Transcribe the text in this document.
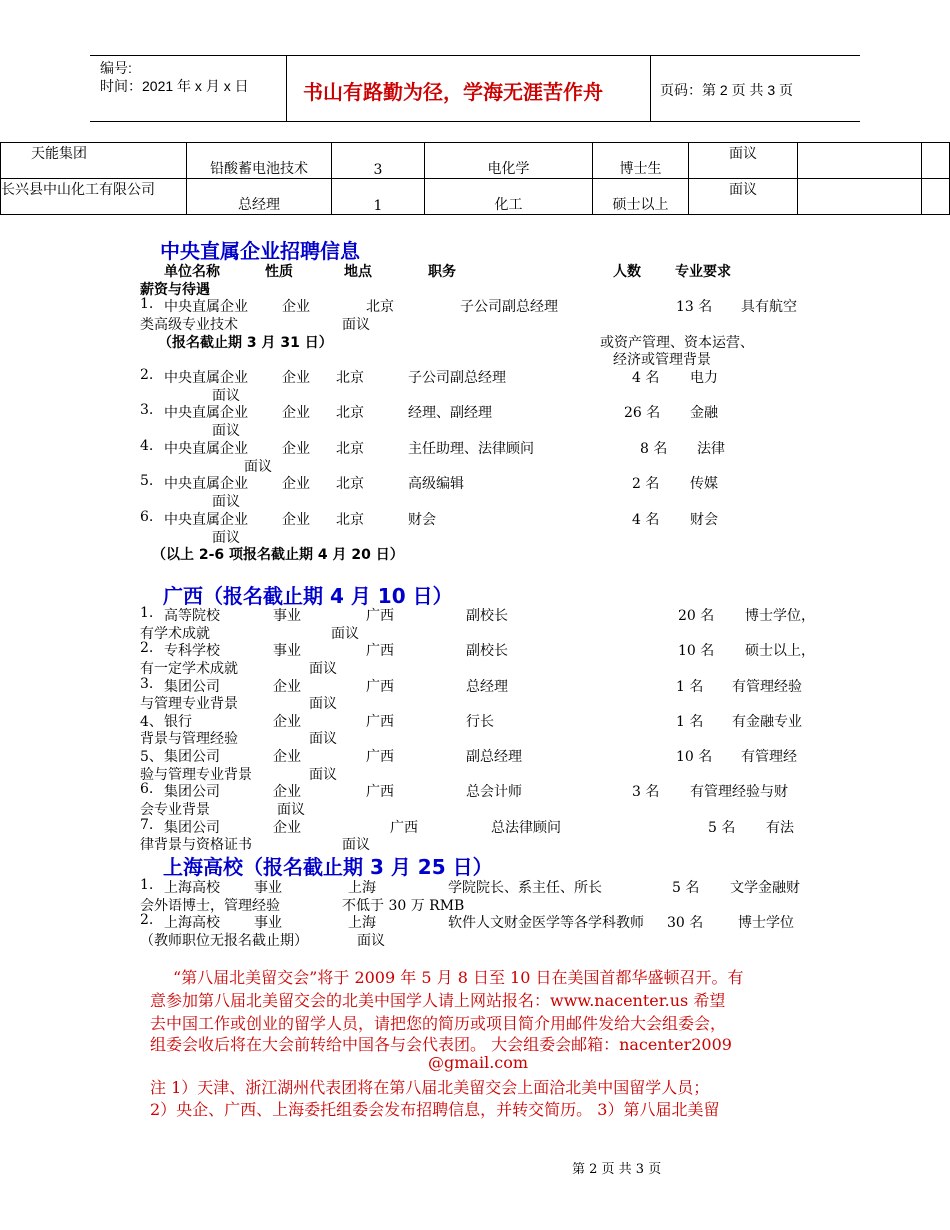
编号:
时间：2021 年 x 月 x 日	书山有路勤为径，学海无涯苦作舟	页码：第 2 页 共 3 页
天能集团	铅酸蓄电池技术	3	电化学	博士生	面议		
长兴县中山化工有限公司	总经理	1	化工	硕士以上	面议		
中央直属企业招聘信息
单位名称	性质	地点	职务	人数 专业要求
薪资与待遇
1. 中央直属企业 企业	北京	子公司副总经理	13 名 具有航空
类高级专业技术	面议
（报名截止期 3 月 31 日）	或资产管理、资本运营、
经济或管理背景
2. 中央直属企业 企业 北京	子公司副总经理	4 名 电力
面议
3. 中央直属企业 企业 北京	经理、副经理	26 名 金融
面议
4. 中央直属企业 企业 北京	主任助理、法律顾问	8 名 法律
面议
5. 中央直属企业 企业 北京	高级编辑	2 名 传媒
面议
6. 中央直属企业 企业 北京	财会	4 名 财会
面议
（以上 2-6 项报名截止期 4 月 20 日）
广西（报名截止期 4 月 10 日）
1. 高等院校	事业	广西	副校长	20 名 博士学位，
有学术成就	面议
2. 专科学校	事业	广西	副校长	10 名 硕士以上，
有一定学术成就	面议
3. 集团公司	企业	广西	总经理	1 名 有管理经验
与管理专业背景	面议
4、 银行	企业	广西	行长	1 名 有金融专业
背景与管理经验	面议
5、 集团公司	企业	广西	副总经理	10 名 有管理经
验与管理专业背景	面议
6. 集团公司	企业	广西	总会计师	3 名 有管理经验与财
会专业背景	面议
7. 集团公司	企业	广西	总法律顾问	5 名 有法
律背景与资格证书	面议
上海高校（报名截止期 3 月 25 日）
1. 上海高校 事业	上海	学院院长、系主任、所长	5 名 文学金融财
会外语博士，管理经验	不低于 30 万 RMB
2. 上海高校 事业	上海	软件人文财金医学等各学科教师 30 名 博士学位
（教师职位无报名截止期）	面议
“第八届北美留交会”将于 2009 年 5 月 8 日至 10 日在美国首都华盛顿召开。有
意参加第八届北美留交会的北美中国学人请上网站报名：www.nacenter.us 希望
去中国工作或创业的留学人员，请把您的简历或项目简介用邮件发给大会组委会，
组委会收后将在大会前转给中国各与会代表团。 大会组委会邮箱：nacenter2009
@gmail.com
注 1）天津、浙江湖州代表团将在第八届北美留交会上面洽北美中国留学人员；
2）央企、广西、上海委托组委会发布招聘信息，并转交简历。 3）第八届北美留
第 2 页 共 3 页
